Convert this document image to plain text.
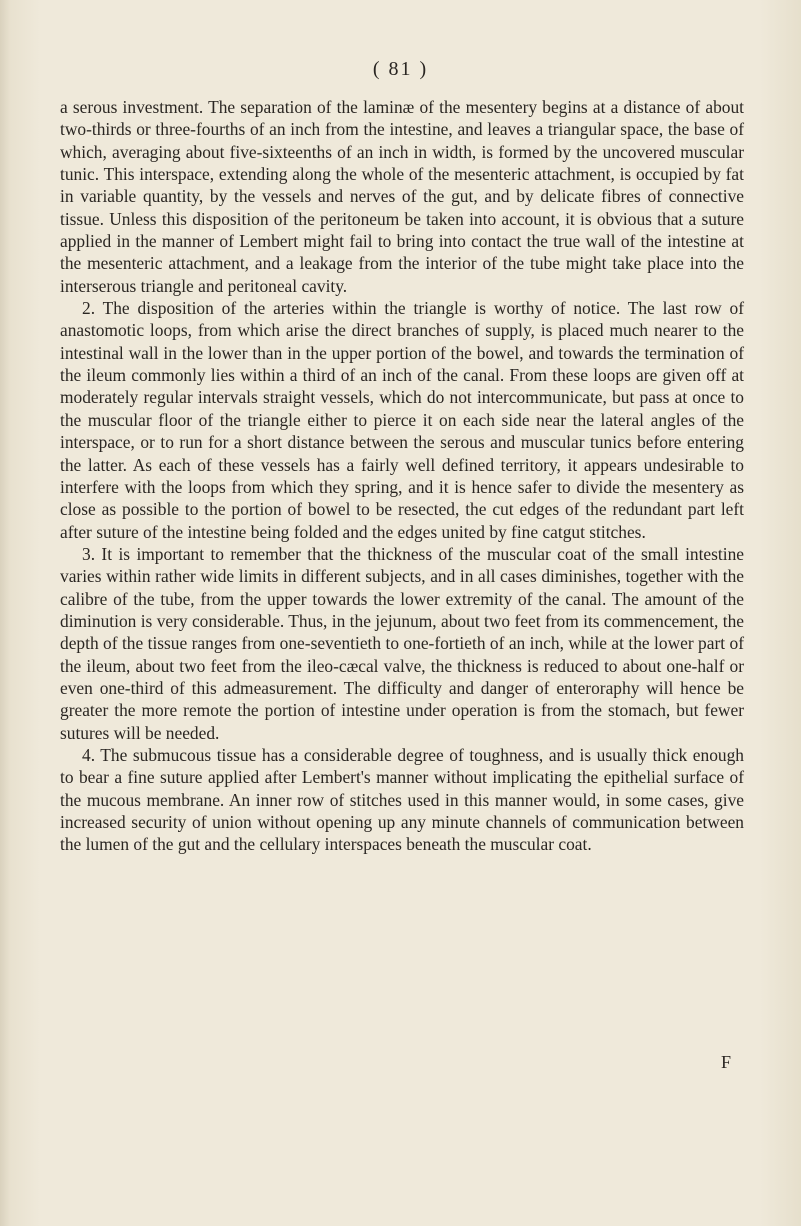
( 81 )

a serous investment. The separation of the laminæ of the mesentery begins at a distance of about two-thirds or three-fourths of an inch from the intestine, and leaves a triangular space, the base of which, averaging about five-sixteenths of an inch in width, is formed by the uncovered muscular tunic. This interspace, extending along the whole of the mesenteric attachment, is occupied by fat in variable quantity, by the vessels and nerves of the gut, and by delicate fibres of connective tissue. Unless this disposition of the peritoneum be taken into account, it is obvious that a suture applied in the manner of Lembert might fail to bring into contact the true wall of the intestine at the mesenteric attachment, and a leakage from the interior of the tube might take place into the interserous triangle and peritoneal cavity.

2. The disposition of the arteries within the triangle is worthy of notice. The last row of anastomotic loops, from which arise the direct branches of supply, is placed much nearer to the intestinal wall in the lower than in the upper portion of the bowel, and towards the termination of the ileum commonly lies within a third of an inch of the canal. From these loops are given off at moderately regular intervals straight vessels, which do not intercommunicate, but pass at once to the muscular floor of the triangle either to pierce it on each side near the lateral angles of the interspace, or to run for a short distance between the serous and muscular tunics before entering the latter. As each of these vessels has a fairly well defined territory, it appears undesirable to interfere with the loops from which they spring, and it is hence safer to divide the mesentery as close as possible to the portion of bowel to be resected, the cut edges of the redundant part left after suture of the intestine being folded and the edges united by fine catgut stitches.

3. It is important to remember that the thickness of the muscular coat of the small intestine varies within rather wide limits in different subjects, and in all cases diminishes, together with the calibre of the tube, from the upper towards the lower extremity of the canal. The amount of the diminution is very considerable. Thus, in the jejunum, about two feet from its commencement, the depth of the tissue ranges from one-seventieth to one-fortieth of an inch, while at the lower part of the ileum, about two feet from the ileo-cæcal valve, the thickness is reduced to about one-half or even one-third of this admeasurement. The difficulty and danger of enteroraphy will hence be greater the more remote the portion of intestine under operation is from the stomach, but fewer sutures will be needed.

4. The submucous tissue has a considerable degree of toughness, and is usually thick enough to bear a fine suture applied after Lembert's manner without implicating the epithelial surface of the mucous membrane. An inner row of stitches used in this manner would, in some cases, give increased security of union without opening up any minute channels of communication between the lumen of the gut and the cellulary interspaces beneath the muscular coat.

F
